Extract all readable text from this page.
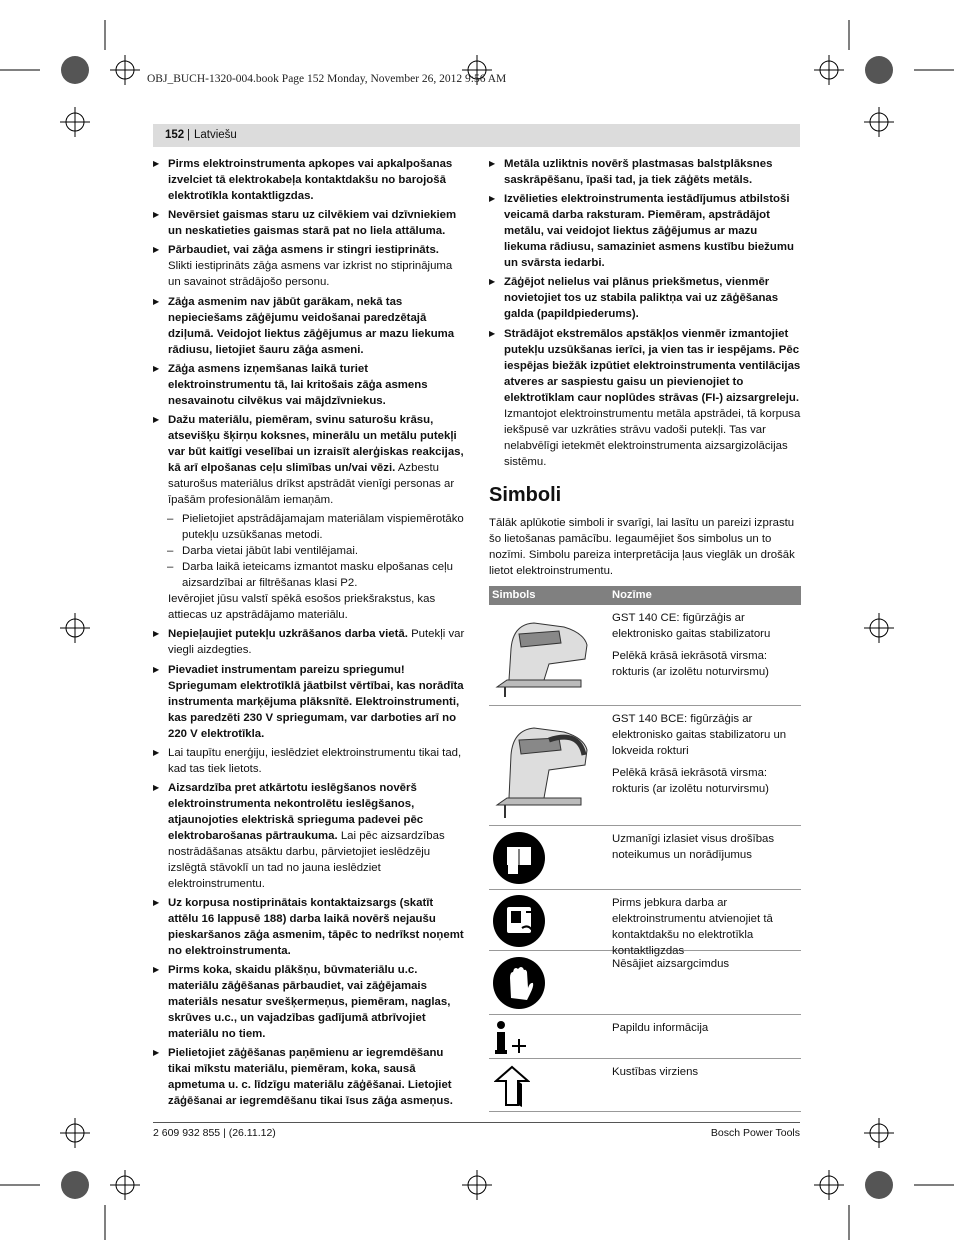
OBJ_BUCH-1320-004.book Page 152 Monday, November 26, 2012 9:56 AM
152 | Latviešu

▶ Pirms elektroinstrumenta apkopes vai apkalpošanas izvelciet tā elektrokabeļa kontaktdakšu no barojošā elektrotīkla kontaktligzdas.

▶ Nevērsiet gaismas staru uz cilvēkiem vai dzīvniekiem un neskatieties gaismas starā pat no liela attāluma.

▶ Pārbaudiet, vai zāģa asmens ir stingri iestiprināts. Slikti iestiprināts zāģa asmens var izkrist no stiprinājuma un savainot strādājošo personu.

▶ Zāģa asmenim nav jābūt garākam, nekā tas nepieciešams zāģējumu veidošanai paredzētajā dziļumā. Veidojot liektus zāģējumus ar mazu liekuma rādiusu, lietojiet šauru zāģa asmeni.

▶ Zāģa asmens izņemšanas laikā turiet elektroinstrumentu tā, lai kritošais zāģa asmens nesavainotu cilvēkus vai mājdzīvniekus.

▶ Dažu materiālu, piemēram, svinu saturošu krāsu, atsevišķu šķirņu koksnes, minerālu un metālu putekļi var būt kaitīgi veselībai un izraisīt alerģiskas reakcijas, kā arī elpošanas ceļu slimības un/vai vēzi. Azbestu saturošus materiālus drīkst apstrādāt vienīgi personas ar īpašām profesionālām iemaņām.

– Pielietojiet apstrādājamajam materiālam vispiemērotāko putekļu uzsūkšanas metodi.

– Darba vietai jābūt labi ventilējamai.

– Darba laikā ieteicams izmantot masku elpošanas ceļu aizsardzībai ar filtrēšanas klasi P2.

Ievērojiet jūsu valstī spēkā esošos priekšrakstus, kas attiecas uz apstrādājamo materiālu.

▶ Nepieļaujiet putekļu uzkrāšanos darba vietā. Putekļi var viegli aizdegties.

▶ Pievadiet instrumentam pareizu spriegumu! Spriegumam elektrotīklā jāatbilst vērtībai, kas norādīta instrumenta marķējuma plāksnītē. Elektroinstrumenti, kas paredzēti 230 V spriegumam, var darboties arī no 220 V elektrotīkla.

▶ Lai taupītu enerģiju, ieslēdziet elektroinstrumentu tikai tad, kad tas tiek lietots.

▶ Aizsardzība pret atkārtotu ieslēgšanos novērš elektroinstrumenta nekontrolētu ieslēgšanos, atjaunojoties elektriskā sprieguma padevei pēc elektrobarošanas pārtraukuma. Lai pēc aizsardzības nostrādāšanas atsāktu darbu, pārvietojiet ieslēdzēju izslēgtā stāvoklī un tad no jauna ieslēdziet elektroinstrumentu.

▶ Uz korpusa nostiprinātais kontaktaizsargs (skatīt attēlu 16 lappusē 188) darba laikā novērš nejaušu pieskaršanos zāģa asmenim, tāpēc to nedrīkst noņemt no elektroinstrumenta.

▶ Pirms koka, skaidu plākšņu, būvmateriālu u.c. materiālu zāģēšanas pārbaudiet, vai zāģējamais materiāls nesatur svešķermeņus, piemēram, naglas, skrūves u.c., un vajadzības gadījumā atbrīvojiet materiālu no tiem.

▶ Pielietojiet zāģēšanas paņēmienu ar iegremdēšanu tikai mīkstu materiālu, piemēram, koka, sausā apmetuma u. c. līdzīgu materiālu zāģēšanai. Lietojiet zāģēšanai ar iegremdēšanu tikai īsus zāģa asmeņus.

▶ Metāla uzliktnis novērš plastmasas balstplāksnes saskrāpēšanu, īpaši tad, ja tiek zāģēts metāls.

▶ Izvēlieties elektroinstrumenta iestādījumus atbilstoši veicamā darba raksturam. Piemēram, apstrādājot metālu, vai veidojot liektus zāģējumus ar mazu liekuma rādiusu, samaziniet asmens kustību biežumu un svārsta iedarbi.

▶ Zāģējot nelielus vai plānus priekšmetus, vienmēr novietojiet tos uz stabila paliktņa vai uz zāģēšanas galda (papildpiederums).

▶ Strādājot ekstremālos apstākļos vienmēr izmantojiet putekļu uzsūkšanas ierīci, ja vien tas ir iespējams. Pēc iespējas biežāk izpūtiet elektroinstrumenta ventilācijas atveres ar saspiestu gaisu un pievienojiet to elektrotīklam caur noplūdes strāvas (FI-) aizsargreleju. Izmantojot elektroinstrumentu metāla apstrādei, tā korpusa iekšpusē var uzkrāties strāvu vadoši putekļi. Tas var nelabvēlīgi ietekmēt elektroinstrumenta aizsargizolācijas sistēmu.

Simboli
Tālāk aplūkotie simboli ir svarīgi, lai lasītu un pareizi izprastu šo lietošanas pamācību. Iegaumējiet šos simbolus un to nozīmi. Simbolu pareiza interpretācija ļaus vieglāk un drošāk lietot elektroinstrumentu.
Simbols	Nozīme

GST 140 CE: figūrzāģis ar elektronisko gaitas stabilizatoru

Pelēkā krāsā iekrāsotā virsma: rokturis (ar izolētu noturvirsmu)

GST 140 BCE: figūrzāģis ar elektronisko gaitas stabilizatoru un lokveida rokturi

Pelēkā krāsā iekrāsotā virsma: rokturis (ar izolētu noturvirsmu)

Uzmanīgi izlasiet visus drošības noteikumus un norādījumus

Pirms jebkura darba ar elektroinstrumentu atvienojiet tā kontaktdakšu no elektrotīkla kontaktligzdas

Nēsājiet aizsargcimdus

Papildu informācija

Kustības virziens

2 609 932 855 | (26.11.12)	Bosch Power Tools
